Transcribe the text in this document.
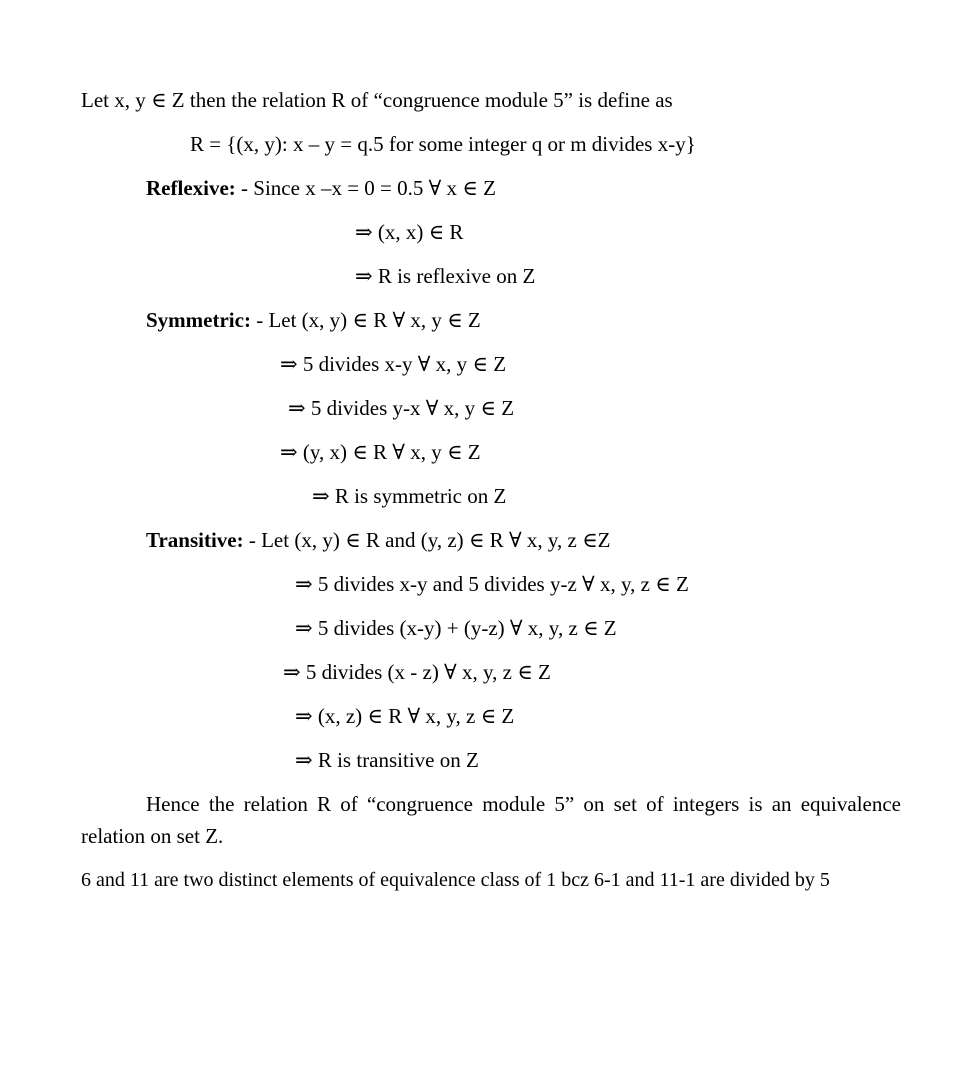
Let x, y ∈ Z then the relation R of “congruence module 5” is define as
R = {(x, y): x – y = q.5 for some integer q or m divides x-y}
Reflexive: - Since x –x = 0 = 0.5 ∀ x ∈ Z
⇒ (x, x) ∈ R
⇒ R is reflexive on Z
Symmetric: - Let (x, y) ∈ R ∀ x, y ∈ Z
⇒ 5 divides x-y ∀ x, y ∈ Z
⇒ 5 divides y-x ∀ x, y ∈ Z
⇒ (y, x) ∈ R ∀ x, y ∈ Z
⇒ R is symmetric on Z
Transitive: - Let (x, y) ∈ R and (y, z) ∈ R ∀ x, y, z ∈Z
⇒ 5 divides x-y and 5 divides y-z ∀ x, y, z ∈ Z
⇒ 5 divides (x-y) + (y-z) ∀ x, y, z ∈ Z
⇒ 5 divides (x - z) ∀ x, y, z ∈ Z
⇒ (x, z) ∈ R ∀ x, y, z ∈ Z
⇒ R is transitive on Z

Hence the relation R of “congruence module 5” on set of integers is an equivalence relation on set Z.

6 and 11 are two distinct elements of equivalence class of 1 bcz 6-1 and 11-1 are divided by 5
